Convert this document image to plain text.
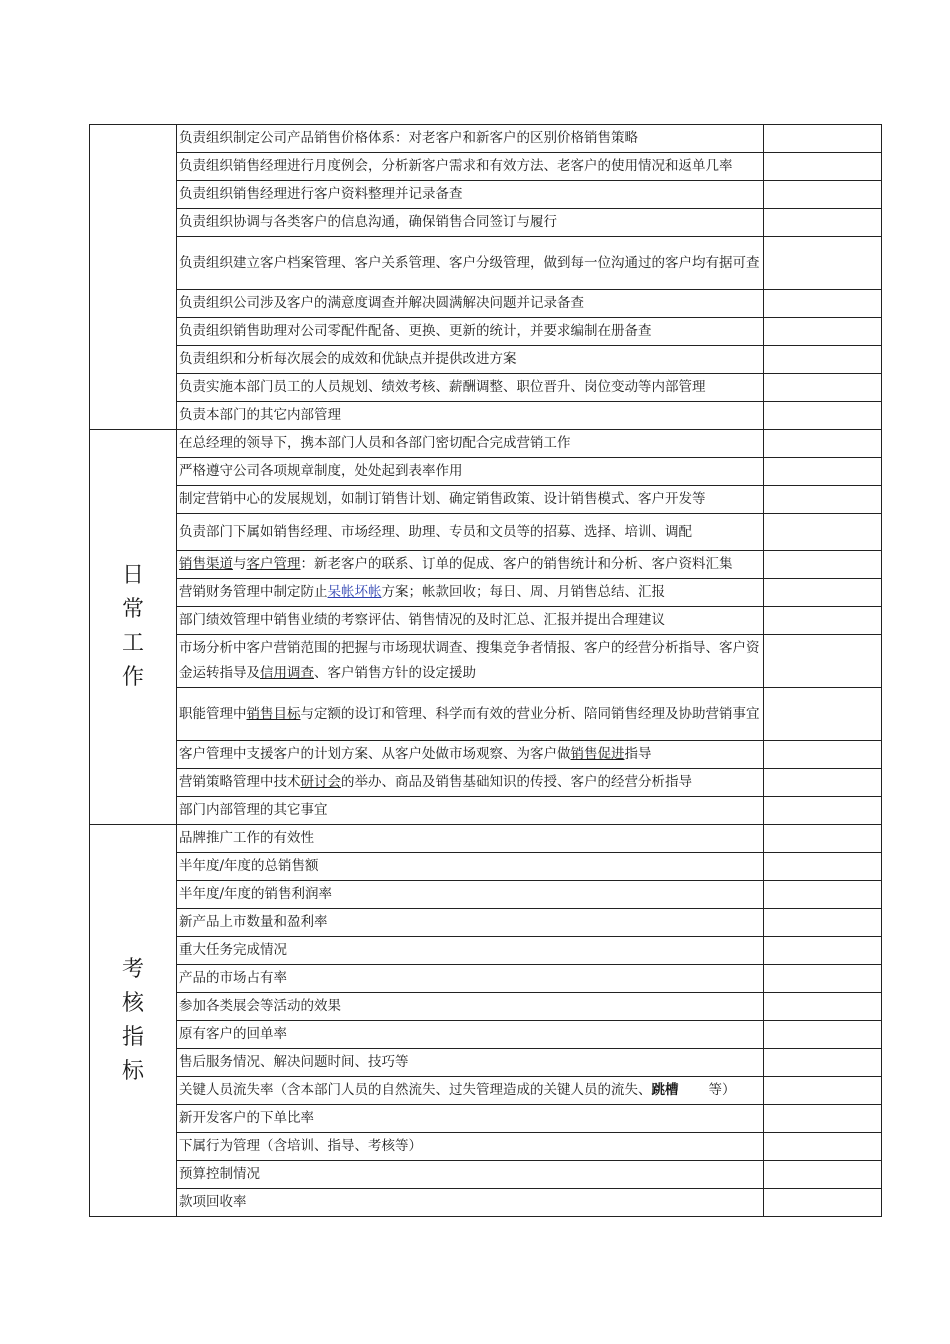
	负责组织制定公司产品销售价格体系：对老客户和新客户的区别价格销售策略	
	负责组织销售经理进行月度例会，分析新客户需求和有效方法、老客户的使用情况和返单几率	
	负责组织销售经理进行客户资料整理并记录备查	
	负责组织协调与各类客户的信息沟通，确保销售合同签订与履行	
	负责组织建立客户档案管理、客户关系管理、客户分级管理，做到每一位沟通过的客户均有据可查	
	负责组织公司涉及客户的满意度调查并解决圆满解决问题并记录备查	
	负责组织销售助理对公司零配件配备、更换、更新的统计，并要求编制在册备查	
	负责组织和分析每次展会的成效和优缺点并提供改进方案	
	负责实施本部门员工的人员规划、绩效考核、薪酬调整、职位晋升、岗位变动等内部管理	
	负责本部门的其它内部管理	

日
常
工
作	在总经理的领导下，携本部门人员和各部门密切配合完成营销工作	
	严格遵守公司各项规章制度，处处起到表率作用	
	制定营销中心的发展规划，如制订销售计划、确定销售政策、设计销售模式、客户开发等	
	负责部门下属如销售经理、市场经理、助理、专员和文员等的招募、选择、培训、调配	
	销售渠道与客户管理：新老客户的联系、订单的促成、客户的销售统计和分析、客户资料汇集	
	营销财务管理中制定防止呆帐坏帐方案；帐款回收；每日、周、月销售总结、汇报	
	部门绩效管理中销售业绩的考察评估、销售情况的及时汇总、汇报并提出合理建议	
	市场分析中客户营销范围的把握与市场现状调查、搜集竞争者情报、客户的经营分析指导、客户资金运转指导及信用调查、客户销售方针的设定援助	
	职能管理中销售目标与定额的设订和管理、科学而有效的营业分析、陪同销售经理及协助营销事宜	
	客户管理中支援客户的计划方案、从客户处做市场观察、为客户做销售促进指导	
	营销策略管理中技术研讨会的举办、商品及销售基础知识的传授、客户的经营分析指导	
	部门内部管理的其它事宜	

考
核
指
标	品牌推广工作的有效性	
	半年度/年度的总销售额	
	半年度/年度的销售利润率	
	新产品上市数量和盈利率	
	重大任务完成情况	
	产品的市场占有率	
	参加各类展会等活动的效果	
	原有客户的回单率	
	售后服务情况、解决问题时间、技巧等	
	关键人员流失率（含本部门人员的自然流失、过失管理造成的关键人员的流失、跳槽 等）	
	新开发客户的下单比率	
	下属行为管理（含培训、指导、考核等）	
	预算控制情况	
	款项回收率	
